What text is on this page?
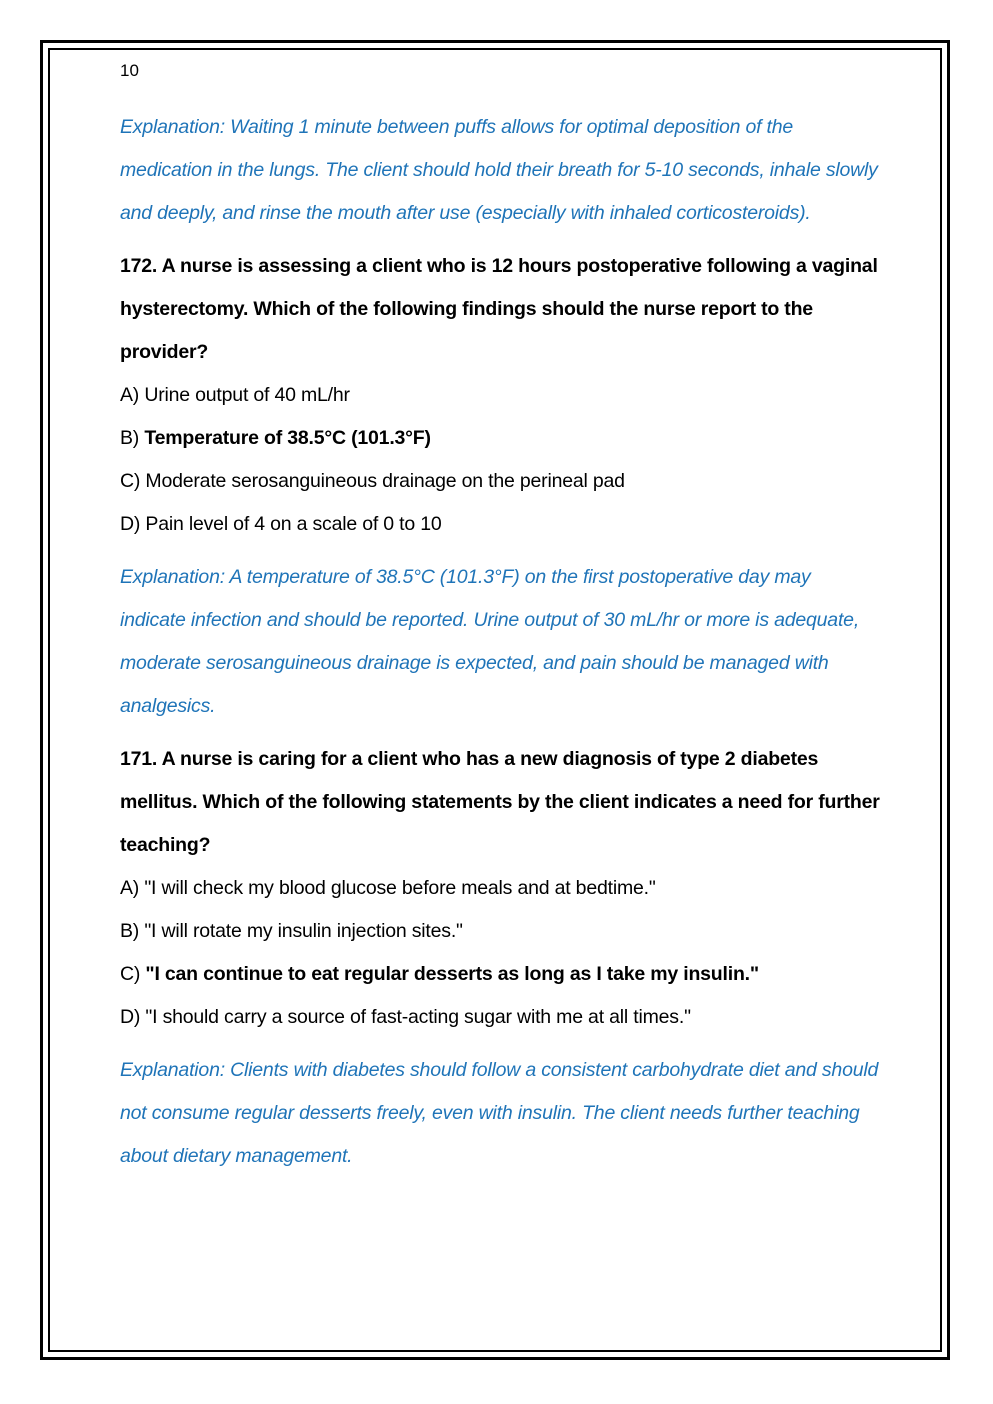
10

Explanation: Waiting 1 minute between puffs allows for optimal deposition of the medication in the lungs. The client should hold their breath for 5-10 seconds, inhale slowly and deeply, and rinse the mouth after use (especially with inhaled corticosteroids).

172. A nurse is assessing a client who is 12 hours postoperative following a vaginal hysterectomy. Which of the following findings should the nurse report to the provider?

A) Urine output of 40 mL/hr

B) Temperature of 38.5°C (101.3°F)

C) Moderate serosanguineous drainage on the perineal pad

D) Pain level of 4 on a scale of 0 to 10

Explanation: A temperature of 38.5°C (101.3°F) on the first postoperative day may indicate infection and should be reported. Urine output of 30 mL/hr or more is adequate, moderate serosanguineous drainage is expected, and pain should be managed with analgesics.

171. A nurse is caring for a client who has a new diagnosis of type 2 diabetes mellitus. Which of the following statements by the client indicates a need for further teaching?

A) "I will check my blood glucose before meals and at bedtime."

B) "I will rotate my insulin injection sites."

C) "I can continue to eat regular desserts as long as I take my insulin."

D) "I should carry a source of fast-acting sugar with me at all times."

Explanation: Clients with diabetes should follow a consistent carbohydrate diet and should not consume regular desserts freely, even with insulin. The client needs further teaching about dietary management.
